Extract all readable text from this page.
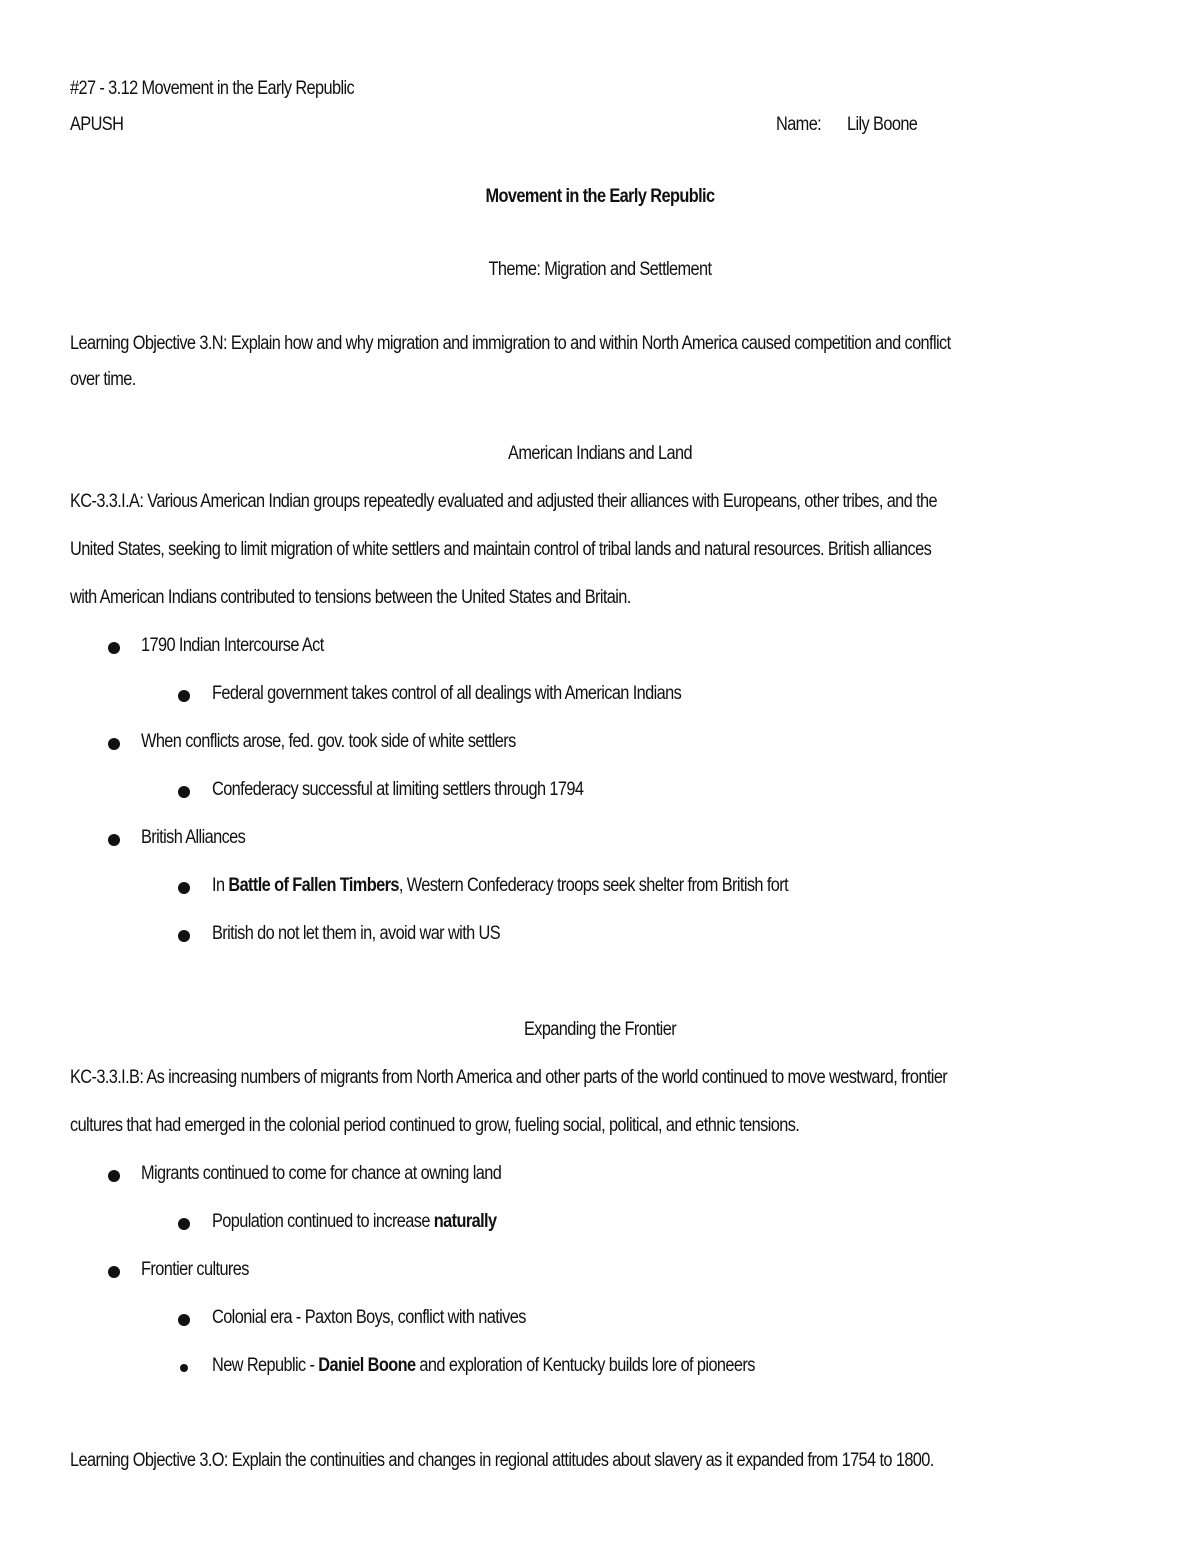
#27 - 3.12 Movement in the Early Republic
APUSH	Name: Lily Boone
Movement in the Early Republic
Theme: Migration and Settlement
Learning Objective 3.N: Explain how and why migration and immigration to and within North America caused competition and conflict
over time.
American Indians and Land
KC-3.3.I.A: Various American Indian groups repeatedly evaluated and adjusted their alliances with Europeans, other tribes, and the
United States, seeking to limit migration of white settlers and maintain control of tribal lands and natural resources. British alliances
with American Indians contributed to tensions between the United States and Britain.
1790 Indian Intercourse Act
Federal government takes control of all dealings with American Indians
When conflicts arose, fed. gov. took side of white settlers
Confederacy successful at limiting settlers through 1794
British Alliances
In Battle of Fallen Timbers, Western Confederacy troops seek shelter from British fort
British do not let them in, avoid war with US
Expanding the Frontier
KC-3.3.I.B: As increasing numbers of migrants from North America and other parts of the world continued to move westward, frontier
cultures that had emerged in the colonial period continued to grow, fueling social, political, and ethnic tensions.
Migrants continued to come for chance at owning land
Population continued to increase naturally
Frontier cultures
Colonial era - Paxton Boys, conflict with natives
New Republic - Daniel Boone and exploration of Kentucky builds lore of pioneers
Learning Objective 3.O: Explain the continuities and changes in regional attitudes about slavery as it expanded from 1754 to 1800.
